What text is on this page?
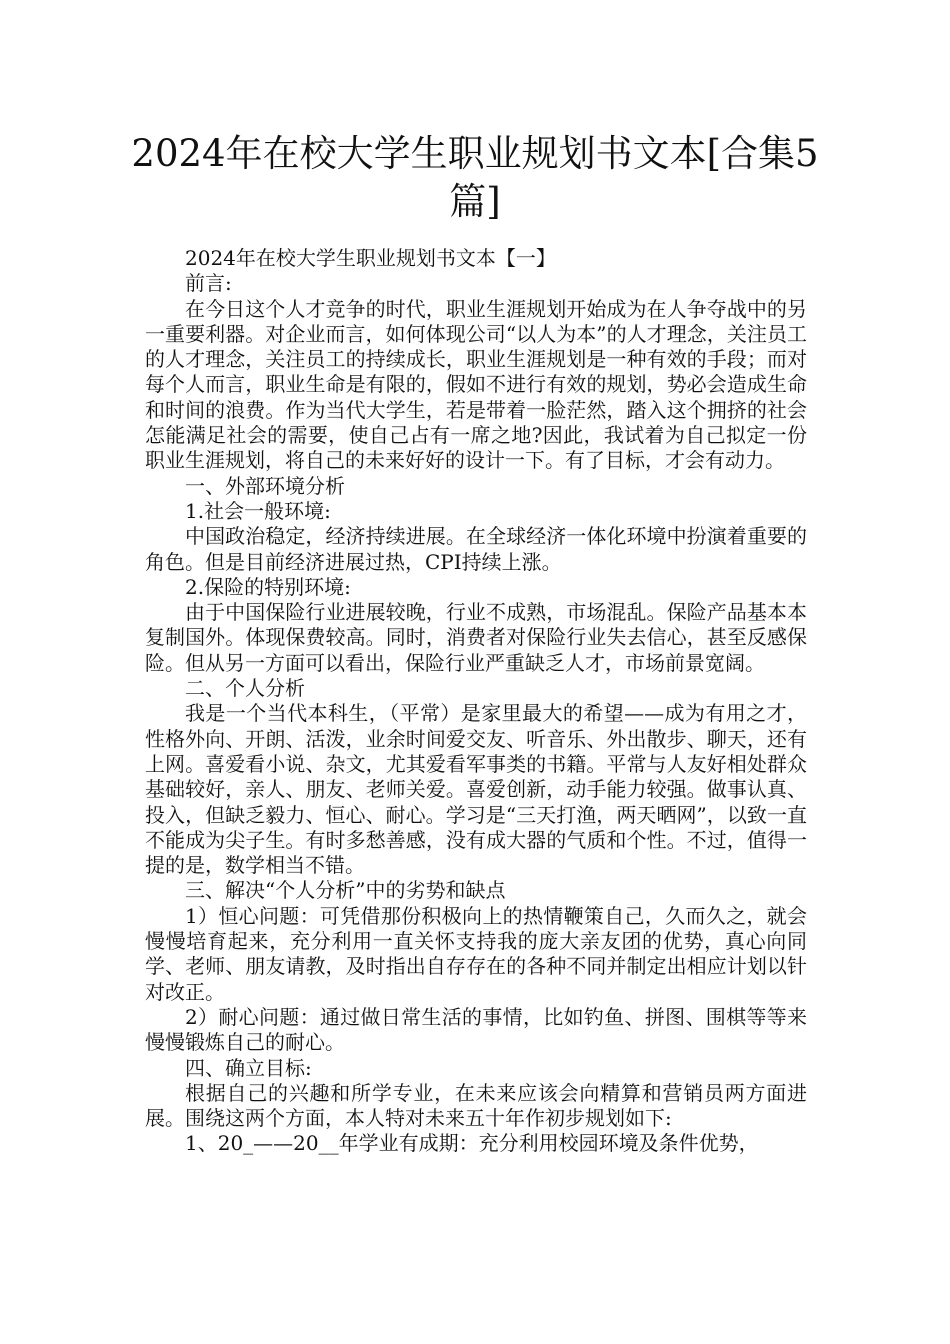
2024年在校大学生职业规划书文本[合集5篇]

2024年在校大学生职业规划书文本【一】

前言:

在今日这个人才竞争的时代，职业生涯规划开始成为在人争夺战中的另一重要利器。对企业而言，如何体现公司“以人为本”的人才理念，关注员工的人才理念，关注员工的持续成长，职业生涯规划是一种有效的手段；而对每个人而言，职业生命是有限的，假如不进行有效的规划，势必会造成生命和时间的浪费。作为当代大学生，若是带着一脸茫然，踏入这个拥挤的社会怎能满足社会的需要，使自己占有一席之地?因此，我试着为自己拟定一份职业生涯规划，将自己的未来好好的设计一下。有了目标，才会有动力。

一、外部环境分析

1.社会一般环境:

中国政治稳定，经济持续进展。在全球经济一体化环境中扮演着重要的角色。但是目前经济进展过热，CPI持续上涨。

2.保险的特别环境:

由于中国保险行业进展较晚，行业不成熟，市场混乱。保险产品基本本复制国外。体现保费较高。同时，消费者对保险行业失去信心，甚至反感保险。但从另一方面可以看出，保险行业严重缺乏人才，市场前景宽阔。

二、个人分析

我是一个当代本科生，（平常）是家里最大的希望——成为有用之才，性格外向、开朗、活泼，业余时间爱交友、听音乐、外出散步、聊天，还有上网。喜爱看小说、杂文，尤其爱看军事类的书籍。平常与人友好相处群众基础较好，亲人、朋友、老师关爱。喜爱创新，动手能力较强。做事认真、投入，但缺乏毅力、恒心、耐心。学习是“三天打渔，两天晒网”，以致一直不能成为尖子生。有时多愁善感，没有成大器的气质和个性。不过，值得一提的是，数学相当不错。

三、解决“个人分析”中的劣势和缺点

1）恒心问题：可凭借那份积极向上的热情鞭策自己，久而久之，就会慢慢培育起来，充分利用一直关怀支持我的庞大亲友团的优势，真心向同学、老师、朋友请教，及时指出自存存在的各种不同并制定出相应计划以针对改正。

2）耐心问题：通过做日常生活的事情，比如钓鱼、拼图、围棋等等来慢慢锻炼自己的耐心。

四、确立目标:

根据自己的兴趣和所学专业，在未来应该会向精算和营销员两方面进展。围绕这两个方面，本人特对未来五十年作初步规划如下:

1、20_——20__年学业有成期：充分利用校园环境及条件优势，
